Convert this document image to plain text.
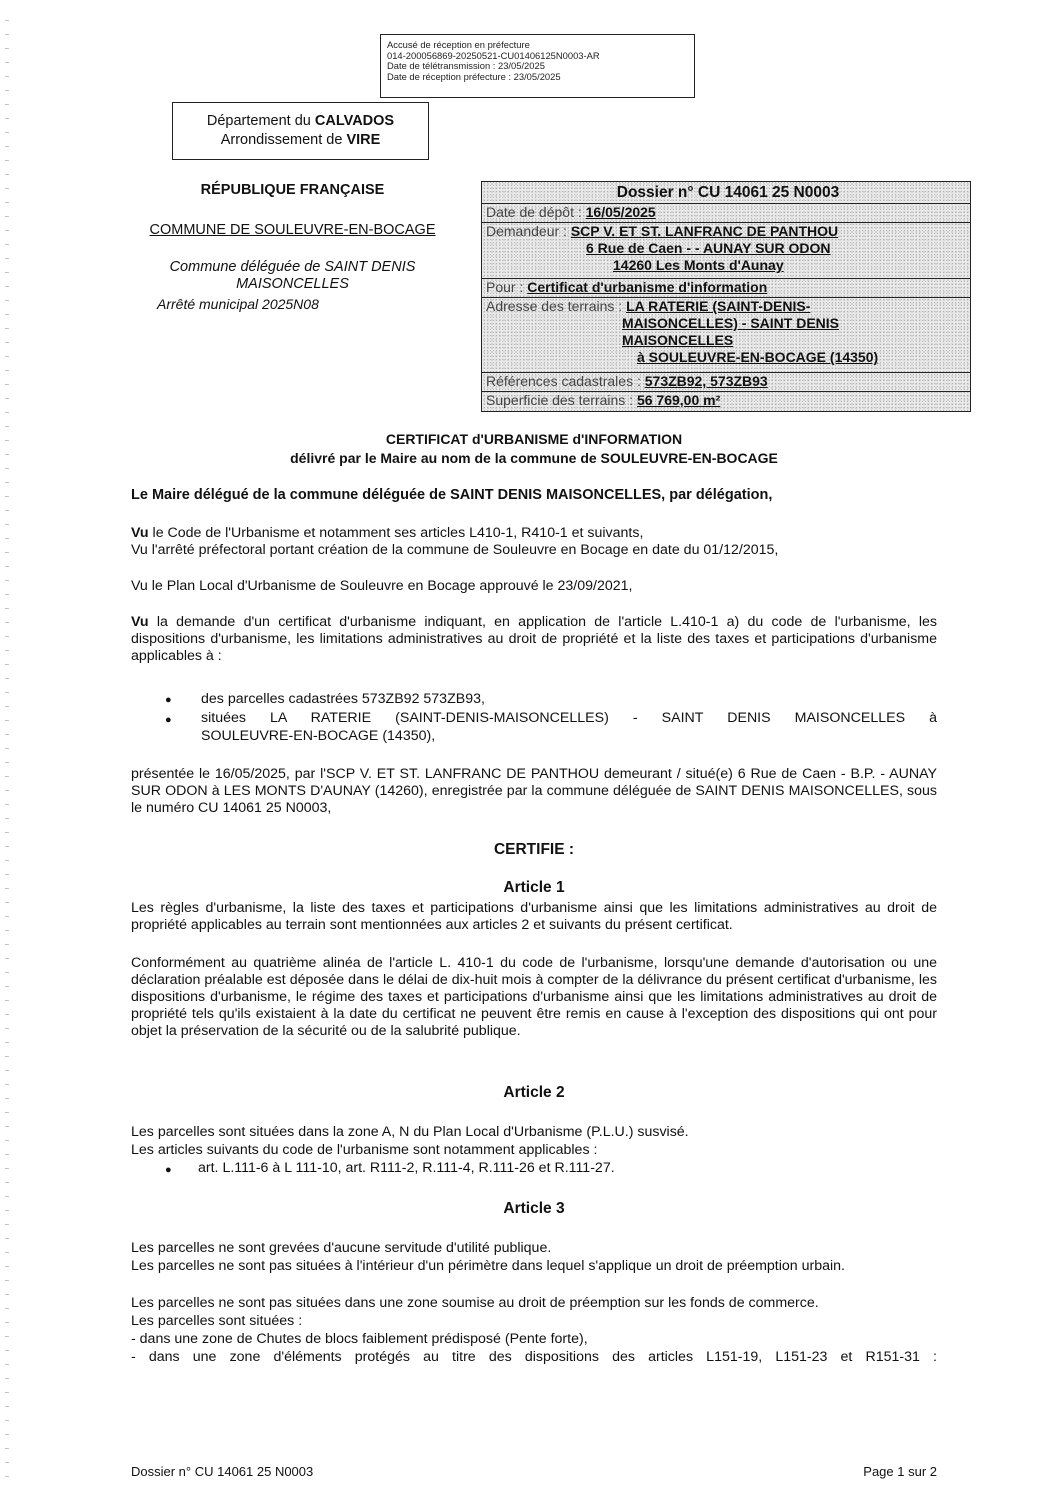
Accusé de réception en préfecture
014-200056869-20250521-CU01406125N0003-AR
Date de télétransmission : 23/05/2025
Date de réception préfecture : 23/05/2025
Département du CALVADOS
Arrondissement de VIRE
RÉPUBLIQUE FRANÇAISE
COMMUNE DE SOULEUVRE-EN-BOCAGE
Commune déléguée de SAINT DENIS
MAISONCELLES
Arrêté municipal 2025N08
Dossier n° CU 14061 25 N0003
Date de dépôt : 16/05/2025
Demandeur : SCP V. ET ST. LANFRANC DE PANTHOU
6 Rue de Caen - - AUNAY SUR ODON
14260 Les Monts d'Aunay
Pour : Certificat d'urbanisme d'information
Adresse des terrains : LA RATERIE (SAINT-DENIS-
MAISONCELLES) - SAINT DENIS
MAISONCELLES
à SOULEUVRE-EN-BOCAGE (14350)
Références cadastrales : 573ZB92, 573ZB93
Superficie des terrains : 56 769,00 m²
CERTIFICAT d'URBANISME d'INFORMATION
délivré par le Maire au nom de la commune de SOULEUVRE-EN-BOCAGE
Le Maire délégué de la commune déléguée de SAINT DENIS MAISONCELLES, par délégation,
Vu le Code de l'Urbanisme et notamment ses articles L410-1, R410-1 et suivants,
Vu l'arrêté préfectoral portant création de la commune de Souleuvre en Bocage en date du 01/12/2015,
Vu le Plan Local d'Urbanisme de Souleuvre en Bocage approuvé le 23/09/2021,
Vu la demande d'un certificat d'urbanisme indiquant, en application de l'article L.410-1 a) du code de l'urbanisme, les dispositions d'urbanisme, les limitations administratives au droit de propriété et la liste des taxes et participations d'urbanisme applicables à :
● des parcelles cadastrées 573ZB92 573ZB93,
● situées LA RATERIE (SAINT-DENIS-MAISONCELLES) - SAINT DENIS MAISONCELLES à
SOULEUVRE-EN-BOCAGE (14350),
présentée le 16/05/2025, par l'SCP V. ET ST. LANFRANC DE PANTHOU demeurant / situé(e) 6 Rue de Caen - B.P. - AUNAY SUR ODON à LES MONTS D'AUNAY (14260), enregistrée par la commune déléguée de SAINT DENIS MAISONCELLES, sous le numéro CU 14061 25 N0003,
CERTIFIE :
Article 1
Les règles d'urbanisme, la liste des taxes et participations d'urbanisme ainsi que les limitations administratives au droit de propriété applicables au terrain sont mentionnées aux articles 2 et suivants du présent certificat.
Conformément au quatrième alinéa de l'article L. 410-1 du code de l'urbanisme, lorsqu'une demande d'autorisation ou une déclaration préalable est déposée dans le délai de dix-huit mois à compter de la délivrance du présent certificat d'urbanisme, les dispositions d'urbanisme, le régime des taxes et participations d'urbanisme ainsi que les limitations administratives au droit de propriété tels qu'ils existaient à la date du certificat ne peuvent être remis en cause à l'exception des dispositions qui ont pour objet la préservation de la sécurité ou de la salubrité publique.
Article 2
Les parcelles sont situées dans la zone A, N du Plan Local d'Urbanisme (P.L.U.) susvisé.
Les articles suivants du code de l'urbanisme sont notamment applicables :
● art. L.111-6 à L 111-10, art. R111-2, R.111-4, R.111-26 et R.111-27.
Article 3
Les parcelles ne sont grevées d'aucune servitude d'utilité publique.
Les parcelles ne sont pas situées à l'intérieur d'un périmètre dans lequel s'applique un droit de préemption urbain.
Les parcelles ne sont pas situées dans une zone soumise au droit de préemption sur les fonds de commerce.
Les parcelles sont situées :
- dans une zone de Chutes de blocs faiblement prédisposé (Pente forte),
- dans une zone d'éléments protégés au titre des dispositions des articles L151-19, L151-23 et R151-31 :
Dossier n° CU 14061 25 N0003	Page 1 sur 2
